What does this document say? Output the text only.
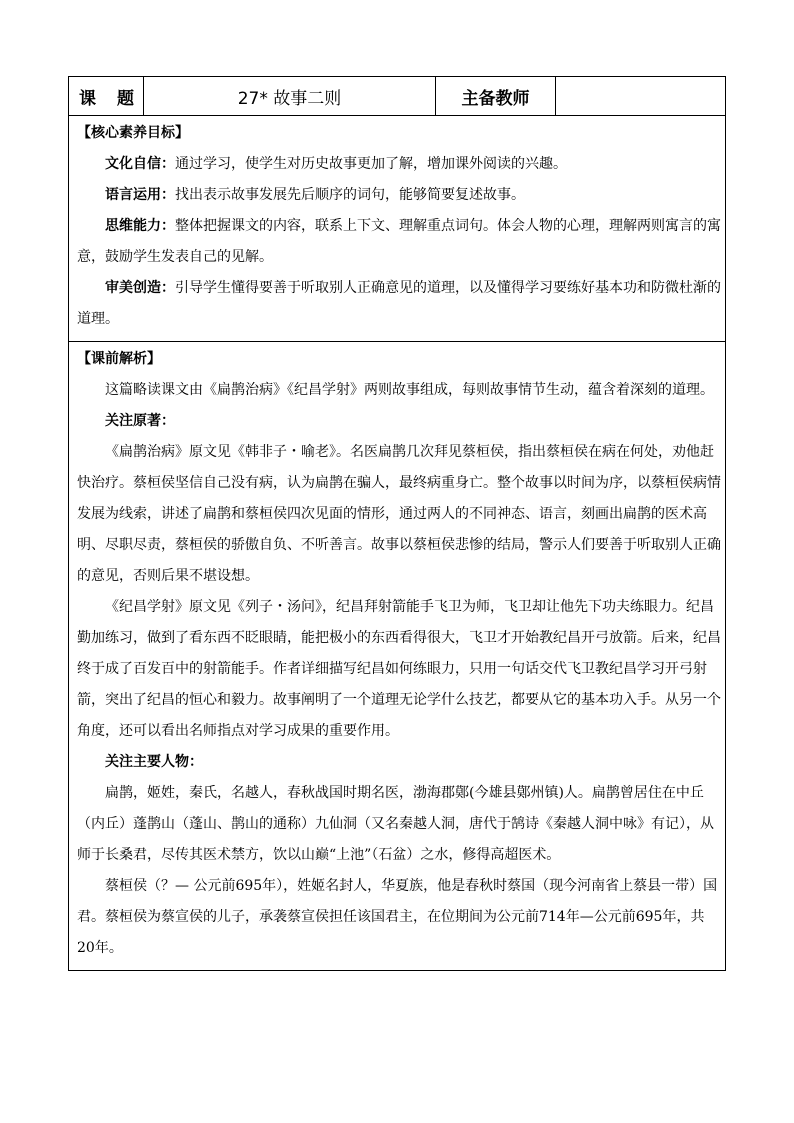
课　题	27* 故事二则	主备教师	

【核心素养目标】

文化自信：通过学习，使学生对历史故事更加了解，增加课外阅读的兴趣。

语言运用：找出表示故事发展先后顺序的词句，能够简要复述故事。

思维能力：整体把握课文的内容，联系上下文、理解重点词句。体会人物的心理，理解两则寓言的寓意，鼓励学生发表自己的见解。

审美创造：引导学生懂得要善于听取别人正确意见的道理，以及懂得学习要练好基本功和防微杜渐的道理。

【课前解析】

这篇略读课文由《扁鹊治病》《纪昌学射》两则故事组成，每则故事情节生动，蕴含着深刻的道理。

关注原著：

《扁鹊治病》原文见《韩非子・喻老》。名医扁鹊几次拜见蔡桓侯，指出蔡桓侯在病在何处，劝他赶快治疗。蔡桓侯坚信自己没有病，认为扁鹊在骗人，最终病重身亡。整个故事以时间为序，以蔡桓侯病情发展为线索，讲述了扁鹊和蔡桓侯四次见面的情形，通过两人的不同神态、语言，刻画出扁鹊的医术高明、尽职尽责，蔡桓侯的骄傲自负、不听善言。故事以蔡桓侯悲惨的结局，警示人们要善于听取别人正确的意见，否则后果不堪设想。

《纪昌学射》原文见《列子・汤问》，纪昌拜射箭能手飞卫为师，飞卫却让他先下功夫练眼力。纪昌勤加练习，做到了看东西不眨眼睛，能把极小的东西看得很大，飞卫才开始教纪昌开弓放箭。后来，纪昌终于成了百发百中的射箭能手。作者详细描写纪昌如何练眼力，只用一句话交代飞卫教纪昌学习开弓射箭，突出了纪昌的恒心和毅力。故事阐明了一个道理无论学什么技艺，都要从它的基本功入手。从另一个角度，还可以看出名师指点对学习成果的重要作用。

关注主要人物：

扁鹊，姬姓，秦氏，名越人，春秋战国时期名医，渤海郡鄚(今雄县鄚州镇)人。扁鹊曾居住在中丘（内丘）蓬鹊山（蓬山、鹊山的通称）九仙洞（又名秦越人洞，唐代于鹄诗《秦越人洞中咏》有记），从师于长桑君，尽传其医术禁方，饮以山巅“上池”（石盆）之水，修得高超医术。

蔡桓侯（？— 公元前695年），姓姬名封人，华夏族，他是春秋时蔡国（现今河南省上蔡县一带）国君。蔡桓侯为蔡宣侯的儿子，承袭蔡宣侯担任该国君主，在位期间为公元前714年—公元前695年，共20年。
